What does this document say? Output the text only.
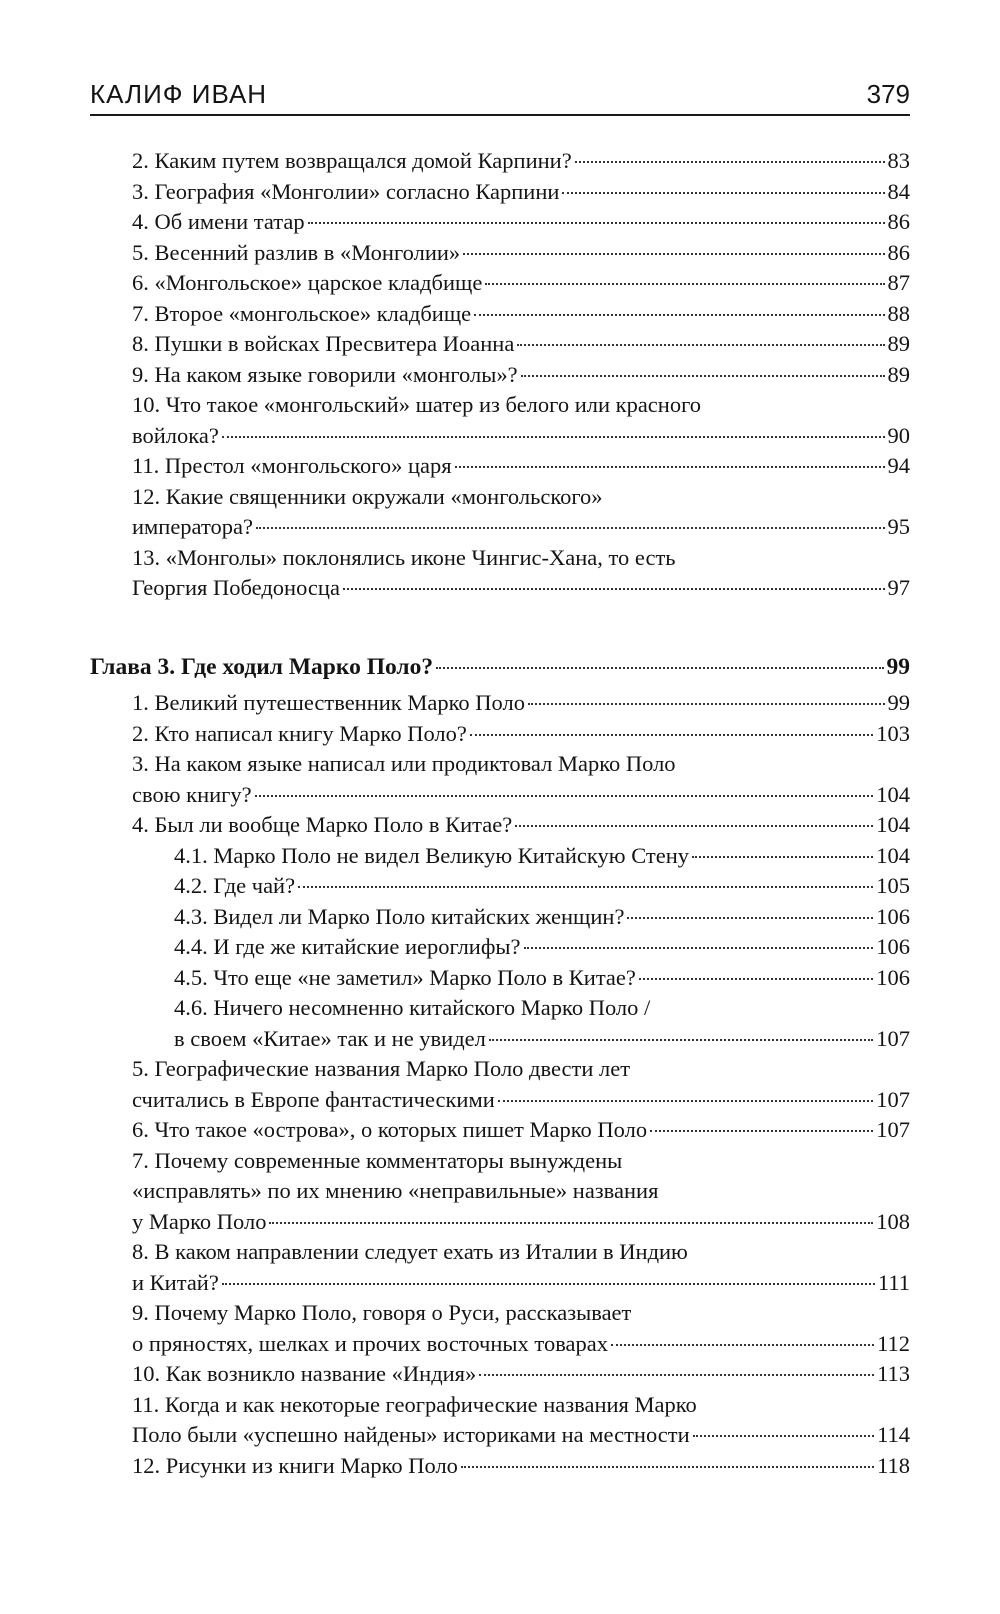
КАЛИФ ИВАН	379
2. Каким путем возвращался домой Карпини?	83
3. География «Монголии» согласно Карпини	84
4. Об имени татар	86
5. Весенний разлив в «Монголии»	86
6. «Монгольское» царское кладбище	87
7. Второе «монгольское» кладбище	88
8. Пушки в войсках Пресвитера Иоанна	89
9. На каком языке говорили «монголы»?	89
10. Что такое «монгольский» шатер из белого или красного
войлока?	90
11. Престол «монгольского» царя	94
12. Какие священники окружали «монгольского»
императора?	95
13. «Монголы» поклонялись иконе Чингис-Хана, то есть
Георгия Победоносца	97
Глава 3. Где ходил Марко Поло?	99
1. Великий путешественник Марко Поло	99
2. Кто написал книгу Марко Поло?	103
3. На каком языке написал или продиктовал Марко Поло
свою книгу?	104
4. Был ли вообще Марко Поло в Китае?	104
4.1. Марко Поло не видел Великую Китайскую Стену	104
4.2. Где чай?	105
4.3. Видел ли Марко Поло китайских женщин?	106
4.4. И где же китайские иероглифы?	106
4.5. Что еще «не заметил» Марко Поло в Китае?	106
4.6. Ничего несомненно китайского Марко Поло /
в своем «Китае» так и не увидел	107
5. Географические названия Марко Поло двести лет
считались в Европе фантастическими	107
6. Что такое «острова», о которых пишет Марко Поло	107
7. Почему современные комментаторы вынуждены
«исправлять» по их мнению «неправильные» названия
у Марко Поло	108
8. В каком направлении следует ехать из Италии в Индию
и Китай?	111
9. Почему Марко Поло, говоря о Руси, рассказывает
о пряностях, шелках и прочих восточных товарах	112
10. Как возникло название «Индия»	113
11. Когда и как некоторые географические названия Марко
Поло были «успешно найдены» историками на местности	114
12. Рисунки из книги Марко Поло	118
